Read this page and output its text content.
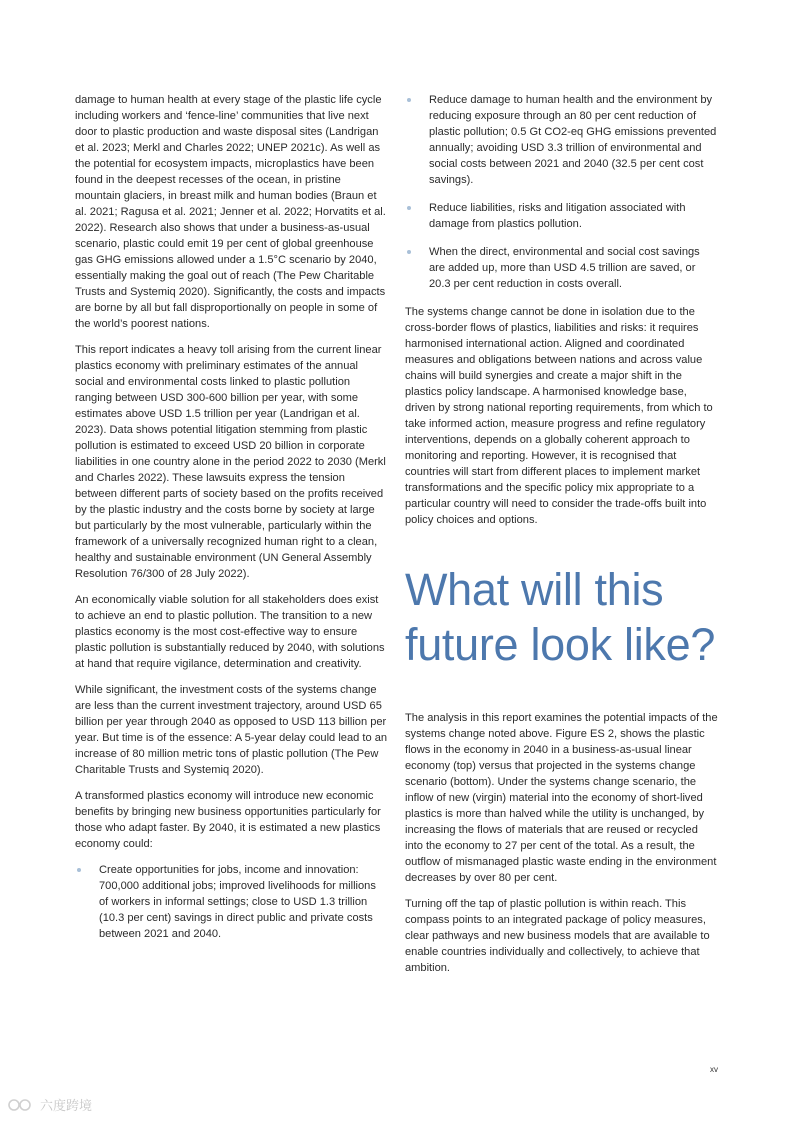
damage to human health at every stage of the plastic life cycle including workers and ‘fence-line’ communities that live next door to plastic production and waste disposal sites (Landrigan et al. 2023; Merkl and Charles 2022; UNEP 2021c). As well as the potential for ecosystem impacts, microplastics have been found in the deepest recesses of the ocean, in pristine mountain glaciers, in breast milk and human bodies (Braun et al. 2021; Ragusa et al. 2021; Jenner et al. 2022; Horvatits et al. 2022). Research also shows that under a business-as-usual scenario, plastic could emit 19 per cent of global greenhouse gas GHG emissions allowed under a 1.5°C scenario by 2040, essentially making the goal out of reach (The Pew Charitable Trusts and Systemiq 2020). Significantly, the costs and impacts are borne by all but fall disproportionally on people in some of the world’s poorest nations.

This report indicates a heavy toll arising from the current linear plastics economy with preliminary estimates of the annual social and environmental costs linked to plastic pollution ranging between USD 300-600 billion per year, with some estimates above USD 1.5 trillion per year (Landrigan et al. 2023). Data shows potential litigation stemming from plastic pollution is estimated to exceed USD 20 billion in corporate liabilities in one country alone in the period 2022 to 2030 (Merkl and Charles 2022). These lawsuits express the tension between different parts of society based on the profits received by the plastic industry and the costs borne by society at large but particularly by the most vulnerable, particularly within the framework of a universally recognized human right to a clean, healthy and sustainable environment (UN General Assembly Resolution 76/300 of 28 July 2022).

An economically viable solution for all stakeholders does exist to achieve an end to plastic pollution. The transition to a new plastics economy is the most cost-effective way to ensure plastic pollution is substantially reduced by 2040, with solutions at hand that require vigilance, determination and creativity.

While significant, the investment costs of the systems change are less than the current investment trajectory, around USD 65 billion per year through 2040 as opposed to USD 113 billion per year. But time is of the essence: A 5-year delay could lead to an increase of 80 million metric tons of plastic pollution (The Pew Charitable Trusts and Systemiq 2020).

A transformed plastics economy will introduce new economic benefits by bringing new business opportunities particularly for those who adapt faster. By 2040, it is estimated a new plastics economy could:

Create opportunities for jobs, income and innovation: 700,000 additional jobs; improved livelihoods for millions of workers in informal settings; close to USD 1.3 trillion (10.3 per cent) savings in direct public and private costs between 2021 and 2040.
Reduce damage to human health and the environment by reducing exposure through an 80 per cent reduction of plastic pollution; 0.5 Gt CO2-eq GHG emissions prevented annually; avoiding USD 3.3 trillion of environmental and social costs between 2021 and 2040 (32.5 per cent cost savings).
Reduce liabilities, risks and litigation associated with damage from plastics pollution.
When the direct, environmental and social cost savings are added up, more than USD 4.5 trillion are saved, or 20.3 per cent reduction in costs overall.

The systems change cannot be done in isolation due to the cross-border flows of plastics, liabilities and risks: it requires harmonised international action. Aligned and coordinated measures and obligations between nations and across value chains will build synergies and create a major shift in the plastics policy landscape. A harmonised knowledge base, driven by strong national reporting requirements, from which to take informed action, measure progress and refine regulatory interventions, depends on a globally coherent approach to monitoring and reporting. However, it is recognised that countries will start from different places to implement market transformations and the specific policy mix appropriate to a particular country will need to consider the trade-offs built into policy choices and options.

What will this future look like?

The analysis in this report examines the potential impacts of the systems change noted above. Figure ES 2, shows the plastic flows in the economy in 2040 in a business-as-usual linear economy (top) versus that projected in the systems change scenario (bottom). Under the systems change scenario, the inflow of new (virgin) material into the economy of short-lived plastics is more than halved while the utility is unchanged, by increasing the flows of materials that are reused or recycled into the economy to 27 per cent of the total. As a result, the outflow of mismanaged plastic waste ending in the environment decreases by over 80 per cent.

Turning off the tap of plastic pollution is within reach. This compass points to an integrated package of policy measures, clear pathways and new business models that are available to enable countries individually and collectively, to achieve that ambition.

xv
六度跨境
